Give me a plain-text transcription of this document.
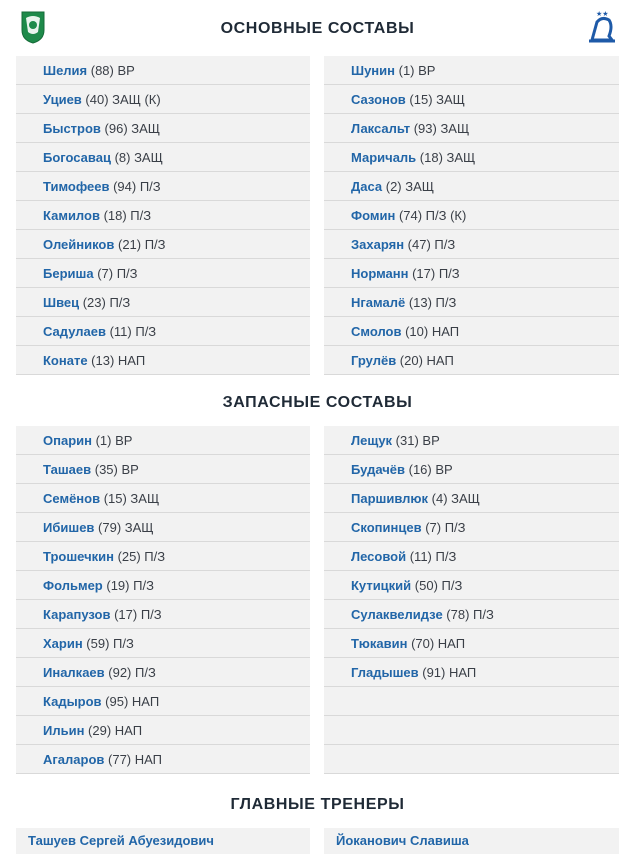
ОСНОВНЫЕ СОСТАВЫ
★★
Шелия (88) ВР
Уциев (40) ЗАЩ (К)
Быстров (96) ЗАЩ
Богосавац (8) ЗАЩ
Тимофеев (94) П/З
Камилов (18) П/З
Олейников (21) П/З
Бериша (7) П/З
Швец (23) П/З
Садулаев (11) П/З
Конате (13) НАП
Шунин (1) ВР
Сазонов (15) ЗАЩ
Лаксальт (93) ЗАЩ
Маричаль (18) ЗАЩ
Даса (2) ЗАЩ
Фомин (74) П/З (К)
Захарян (47) П/З
Норманн (17) П/З
Нгамалё (13) П/З
Смолов (10) НАП
Грулёв (20) НАП
ЗАПАСНЫЕ СОСТАВЫ
Опарин (1) ВР
Ташаев (35) ВР
Семёнов (15) ЗАЩ
Ибишев (79) ЗАЩ
Трошечкин (25) П/З
Фольмер (19) П/З
Карапузов (17) П/З
Харин (59) П/З
Иналкаев (92) П/З
Кадыров (95) НАП
Ильин (29) НАП
Агаларов (77) НАП
Лещук (31) ВР
Будачёв (16) ВР
Паршивлюк (4) ЗАЩ
Скопинцев (7) П/З
Лесовой (11) П/З
Кутицкий (50) П/З
Сулаквелидзе (78) П/З
Тюкавин (70) НАП
Гладышев (91) НАП
ГЛАВНЫЕ ТРЕНЕРЫ
Ташуев Сергей Абуезидович	Йоканович Славиша
